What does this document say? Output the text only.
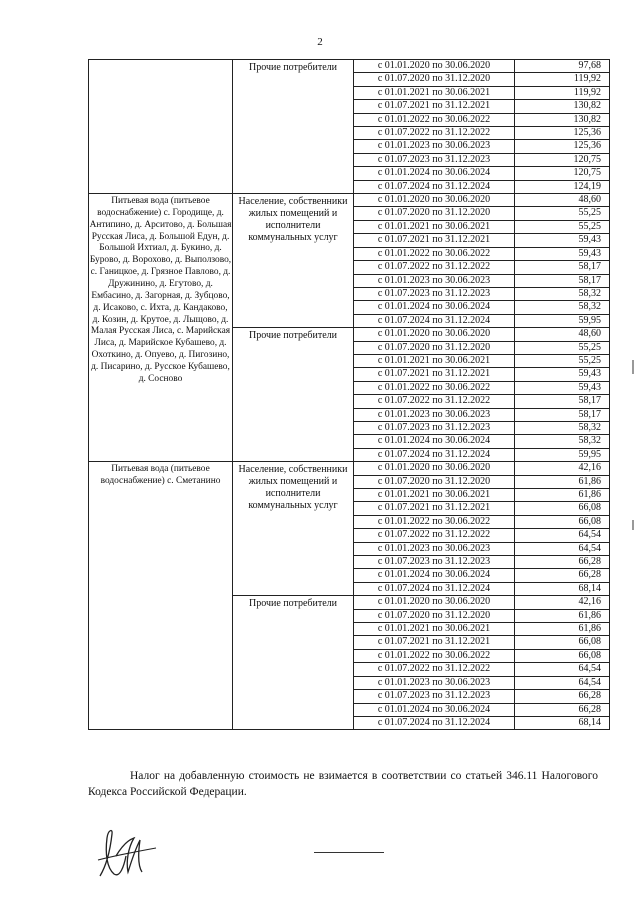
2
	Прочие потребители	с 01.01.2020 по 30.06.2020	97,68
		с 01.07.2020 по 31.12.2020	119,92
		с 01.01.2021 по 30.06.2021	119,92
		с 01.07.2021 по 31.12.2021	130,82
		с 01.01.2022 по 30.06.2022	130,82
		с 01.07.2022 по 31.12.2022	125,36
		с 01.01.2023 по 30.06.2023	125,36
		с 01.07.2023 по 31.12.2023	120,75
		с 01.01.2024 по 30.06.2024	120,75
		с 01.07.2024 по 31.12.2024	124,19
Питьевая вода (питьевое водоснабжение) с. Городище, д. Антипино, д. Арситово, д. Большая Русская Лиса, д. Большой Едун, д. Большой Ихтиал, д. Букино, д. Бурово, д. Ворохово, д. Выползово, с. Ганицкое, д. Грязное Павлово, д. Дружинино, д. Егутово, д. Ембасино, д. Загорная, д. Зубцово, д. Исаково, с. Ихта, д. Кандаково, д. Козин, д. Крутое, д. Лыщово, д. Малая Русская Лиса, с. Марийская Лиса, д. Марийское Кубашево, д. Охоткино, д. Опуево, д. Пигозино, д. Писарино, д. Русское Кубашево, д. Сосново	Население, собственники жилых помещений и исполнители коммунальных услуг	с 01.01.2020 по 30.06.2020	48,60
		с 01.07.2020 по 31.12.2020	55,25
		с 01.01.2021 по 30.06.2021	55,25
		с 01.07.2021 по 31.12.2021	59,43
		с 01.01.2022 по 30.06.2022	59,43
		с 01.07.2022 по 31.12.2022	58,17
		с 01.01.2023 по 30.06.2023	58,17
		с 01.07.2023 по 31.12.2023	58,32
		с 01.01.2024 по 30.06.2024	58,32
		с 01.07.2024 по 31.12.2024	59,95
	Прочие потребители	с 01.01.2020 по 30.06.2020	48,60
		с 01.07.2020 по 31.12.2020	55,25
		с 01.01.2021 по 30.06.2021	55,25
		с 01.07.2021 по 31.12.2021	59,43
		с 01.01.2022 по 30.06.2022	59,43
		с 01.07.2022 по 31.12.2022	58,17
		с 01.01.2023 по 30.06.2023	58,17
		с 01.07.2023 по 31.12.2023	58,32
		с 01.01.2024 по 30.06.2024	58,32
		с 01.07.2024 по 31.12.2024	59,95
Питьевая вода (питьевое водоснабжение) с. Сметанино	Население, собственники жилых помещений и исполнители коммунальных услуг	с 01.01.2020 по 30.06.2020	42,16
		с 01.07.2020 по 31.12.2020	61,86
		с 01.01.2021 по 30.06.2021	61,86
		с 01.07.2021 по 31.12.2021	66,08
		с 01.01.2022 по 30.06.2022	66,08
		с 01.07.2022 по 31.12.2022	64,54
		с 01.01.2023 по 30.06.2023	64,54
		с 01.07.2023 по 31.12.2023	66,28
		с 01.01.2024 по 30.06.2024	66,28
		с 01.07.2024 по 31.12.2024	68,14
	Прочие потребители	с 01.01.2020 по 30.06.2020	42,16
		с 01.07.2020 по 31.12.2020	61,86
		с 01.01.2021 по 30.06.2021	61,86
		с 01.07.2021 по 31.12.2021	66,08
		с 01.01.2022 по 30.06.2022	66,08
		с 01.07.2022 по 31.12.2022	64,54
		с 01.01.2023 по 30.06.2023	64,54
		с 01.07.2023 по 31.12.2023	66,28
		с 01.01.2024 по 30.06.2024	66,28
		с 01.07.2024 по 31.12.2024	68,14
Налог на добавленную стоимость не взимается в соответствии со статьей 346.11 Налогового Кодекса Российской Федерации.
